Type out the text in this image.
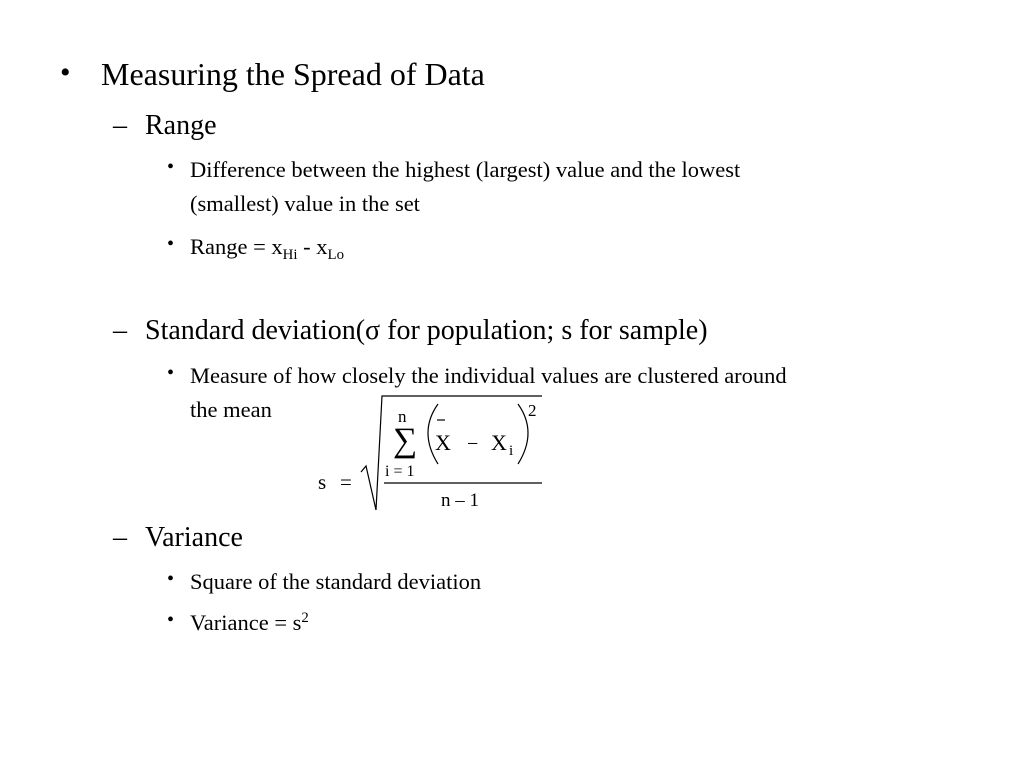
• Measuring the Spread of Data
– Range
• Difference between the highest (largest) value and the lowest
(smallest) value in the set
• Range = $x_{Hi} - x_{Lo}$
– Standard deviation(σ for population; s for sample)
• Measure of how closely the individual values are clustered around
the mean
s =
n
∑
i = 1
X − X i
2
n – 1
– Variance
• Square of the standard deviation
• Variance = $s^2$
